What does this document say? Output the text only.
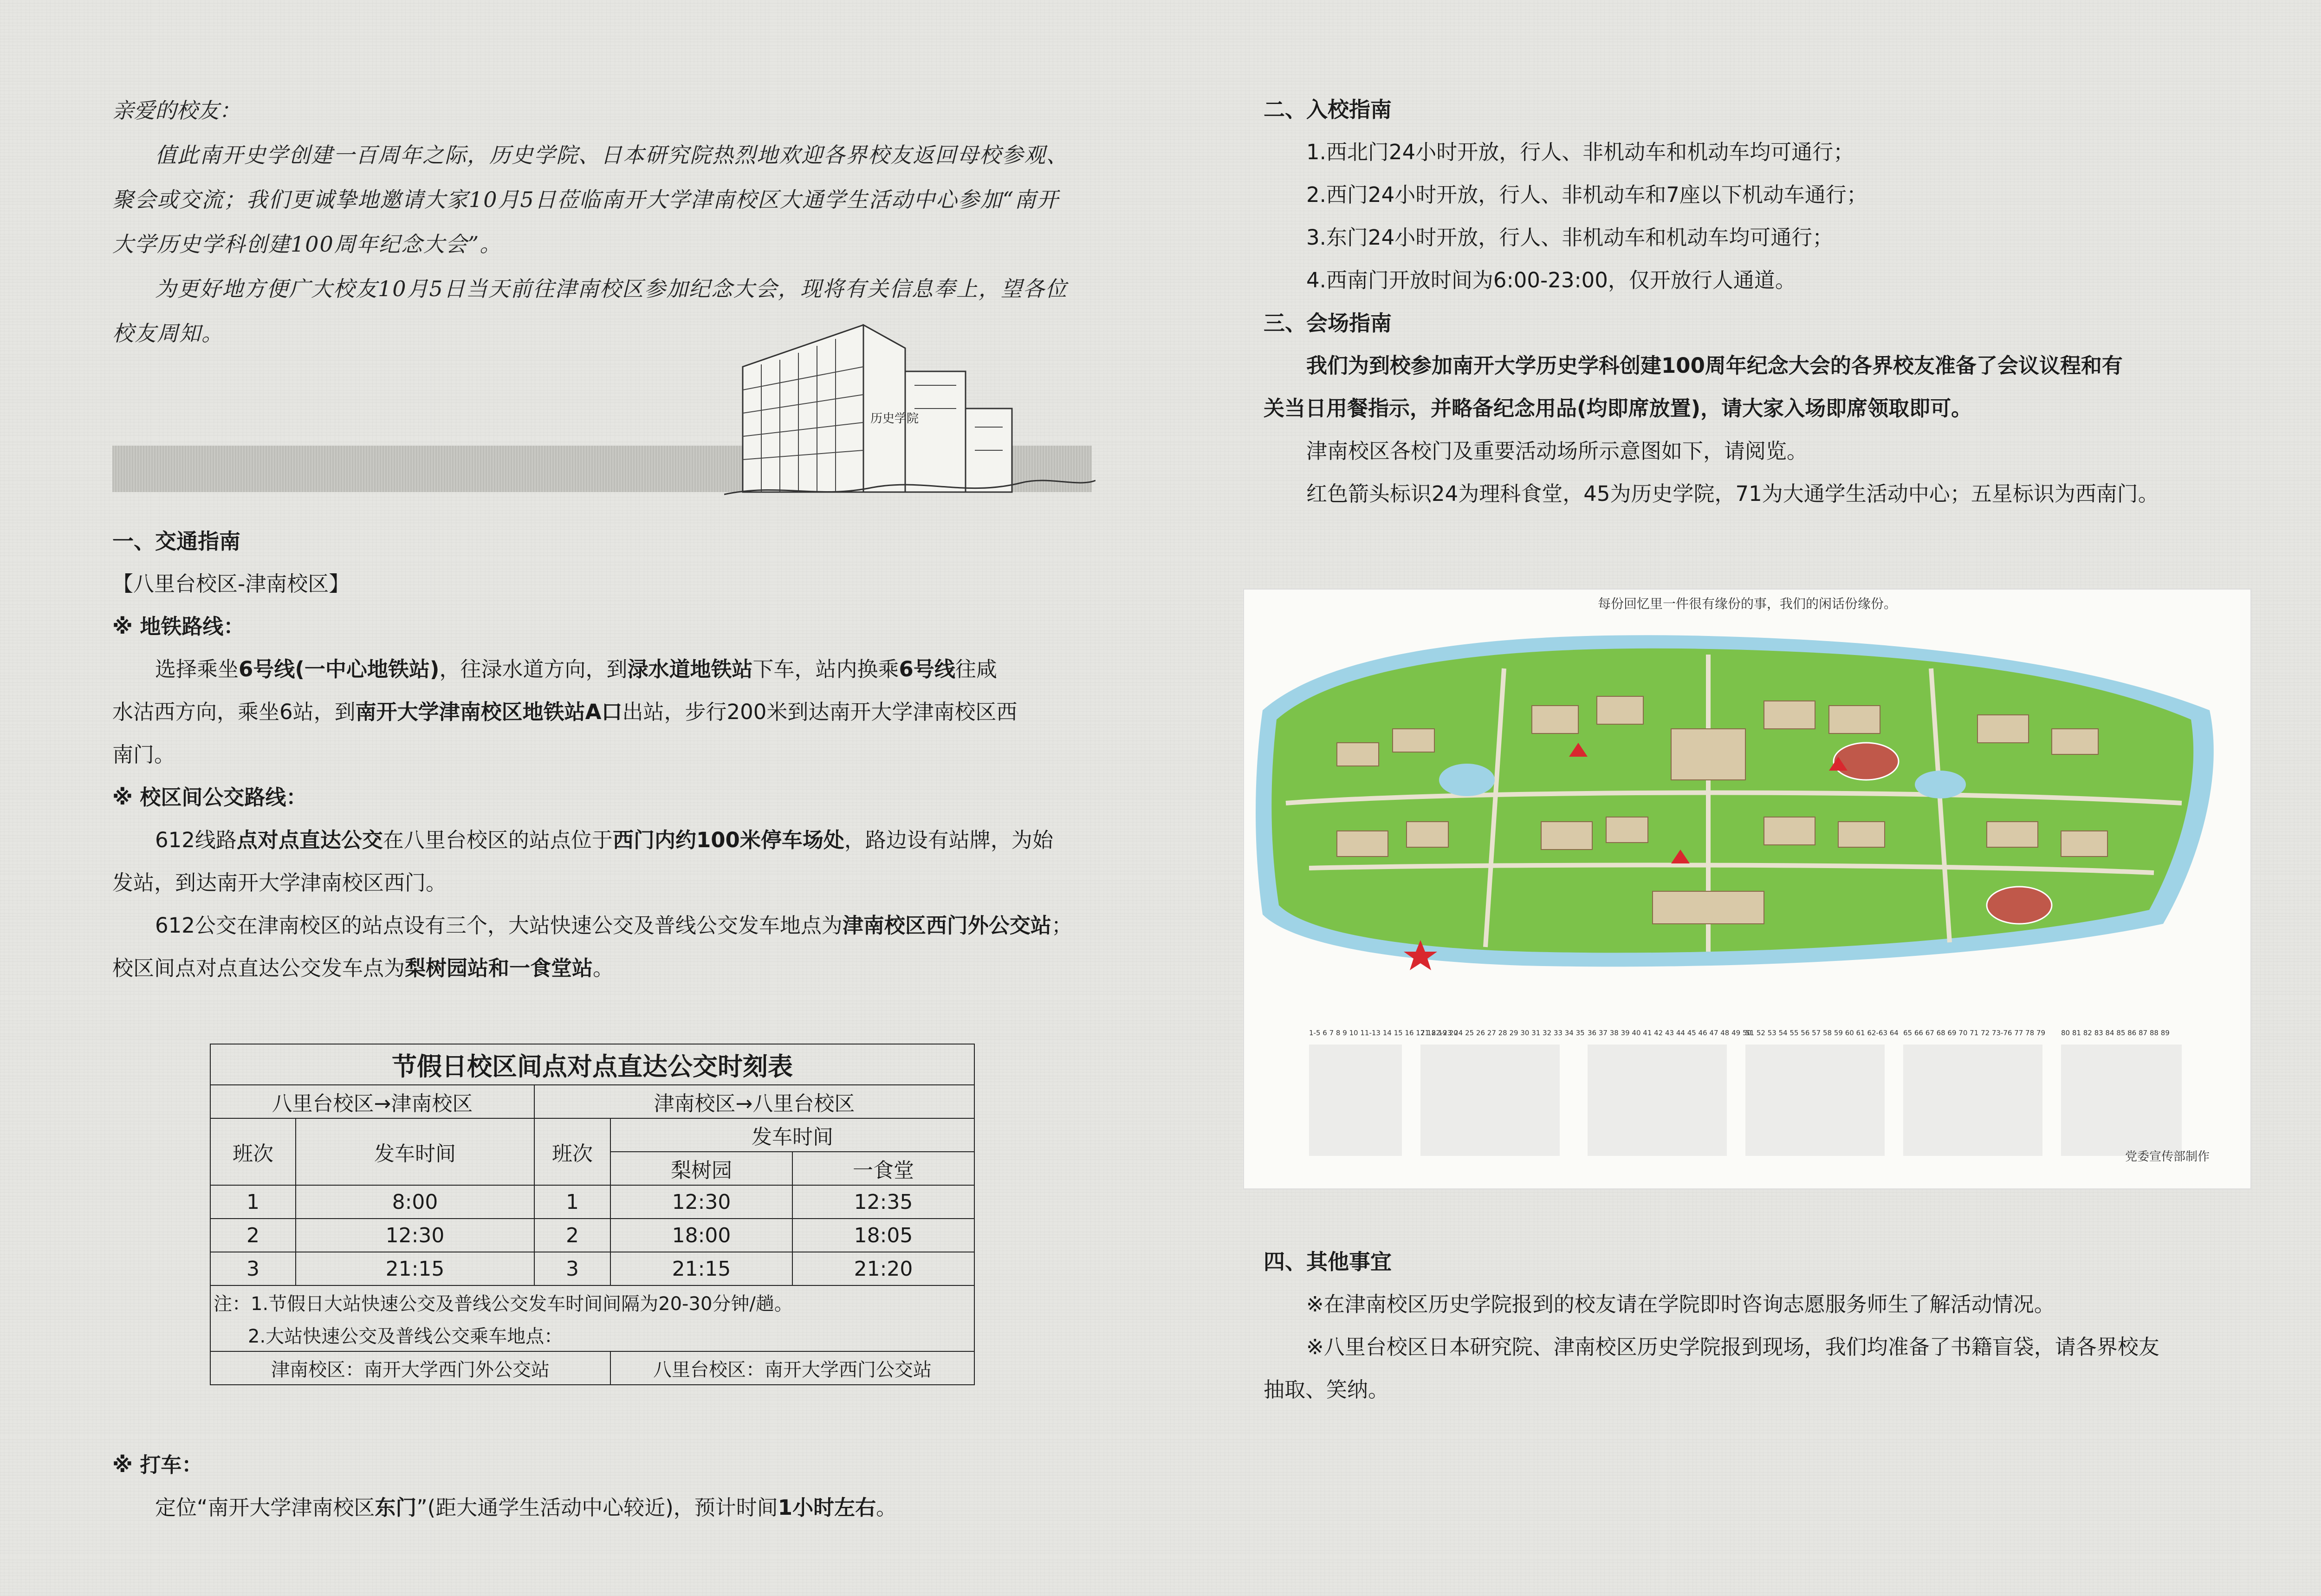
亲爱的校友：
值此南开史学创建一百周年之际，历史学院、日本研究院热烈地欢迎各界校友返回母校参观、聚会或交流；我们更诚挚地邀请大家10月5日莅临南开大学津南校区大通学生活动中心参加“南开大学历史学科创建100周年纪念大会”。
为更好地方便广大校友10月5日当天前往津南校区参加纪念大会，现将有关信息奉上，望各位校友周知。
历史学院
一、交通指南
【八里台校区-津南校区】
※ 地铁路线：
选择乘坐6号线(一中心地铁站)，往渌水道方向，到渌水道地铁站下车，站内换乘6号线往咸
水沽西方向，乘坐6站，到南开大学津南校区地铁站A口出站，步行200米到达南开大学津南校区西
南门。
※ 校区间公交路线：
612线路点对点直达公交在八里台校区的站点位于西门内约100米停车场处，路边设有站牌，为始发站，到达南开大学津南校区西门。
612公交在津南校区的站点设有三个，大站快速公交及普线公交发车地点为津南校区西门外公交站；校区间点对点直达公交发车点为梨树园站和一食堂站。
节假日校区间点对点直达公交时刻表				
八里台校区→津南校区		津南校区→八里台校区		
班次	发车时间	班次	发车时间	
			梨树园	一食堂
1	8:00	1	12:30	12:35
2	12:30	2	18:00	18:05
3	21:15	3	21:15	21:20
注：1.节假日大站快速公交及普线公交发车时间间隔为20-30分钟/趟。				
2.大站快速公交及普线公交乘车地点：				
津南校区：南开大学西门外公交站			八里台校区：南开大学西门公交站	
※ 打车：
定位“南开大学津南校区东门”(距大通学生活动中心较近)，预计时间1小时左右。
二、入校指南
1.西北门24小时开放，行人、非机动车和机动车均可通行；
2.西门24小时开放，行人、非机动车和7座以下机动车通行；
3.东门24小时开放，行人、非机动车和机动车均可通行；
4.西南门开放时间为6:00-23:00，仅开放行人通道。
三、会场指南
我们为到校参加南开大学历史学科创建100周年纪念大会的各界校友准备了会议议程和有
关当日用餐指示，并略备纪念用品(均即席放置)，请大家入场即席领取即可。
津南校区各校门及重要活动场所示意图如下，请阅览。
红色箭头标识24为理科食堂，45为历史学院，71为大通学生活动中心；五星标识为西南门。
每份回忆里一件很有缘份的事，我们的闲话份缘份。
1-5 6 7 8 9 10 11-13 14 15 16 17 18 19 20
21 22-23 24 25 26 27 28 29 30 31 32 33 34 35 36 37 38 39 40 41 42 43 44 45 46 47 48 49 50
51 52 53 54 55 56 57 58 59 60 61 62-63 64 65 66 67 68 69 70 71 72 73-76 77 78 79 80 81 82 83 84 85 86 87 88 89
党委宣传部制作
四、其他事宜
※在津南校区历史学院报到的校友请在学院即时咨询志愿服务师生了解活动情况。
※八里台校区日本研究院、津南校区历史学院报到现场，我们均准备了书籍盲袋，请各界校友
抽取、笑纳。
